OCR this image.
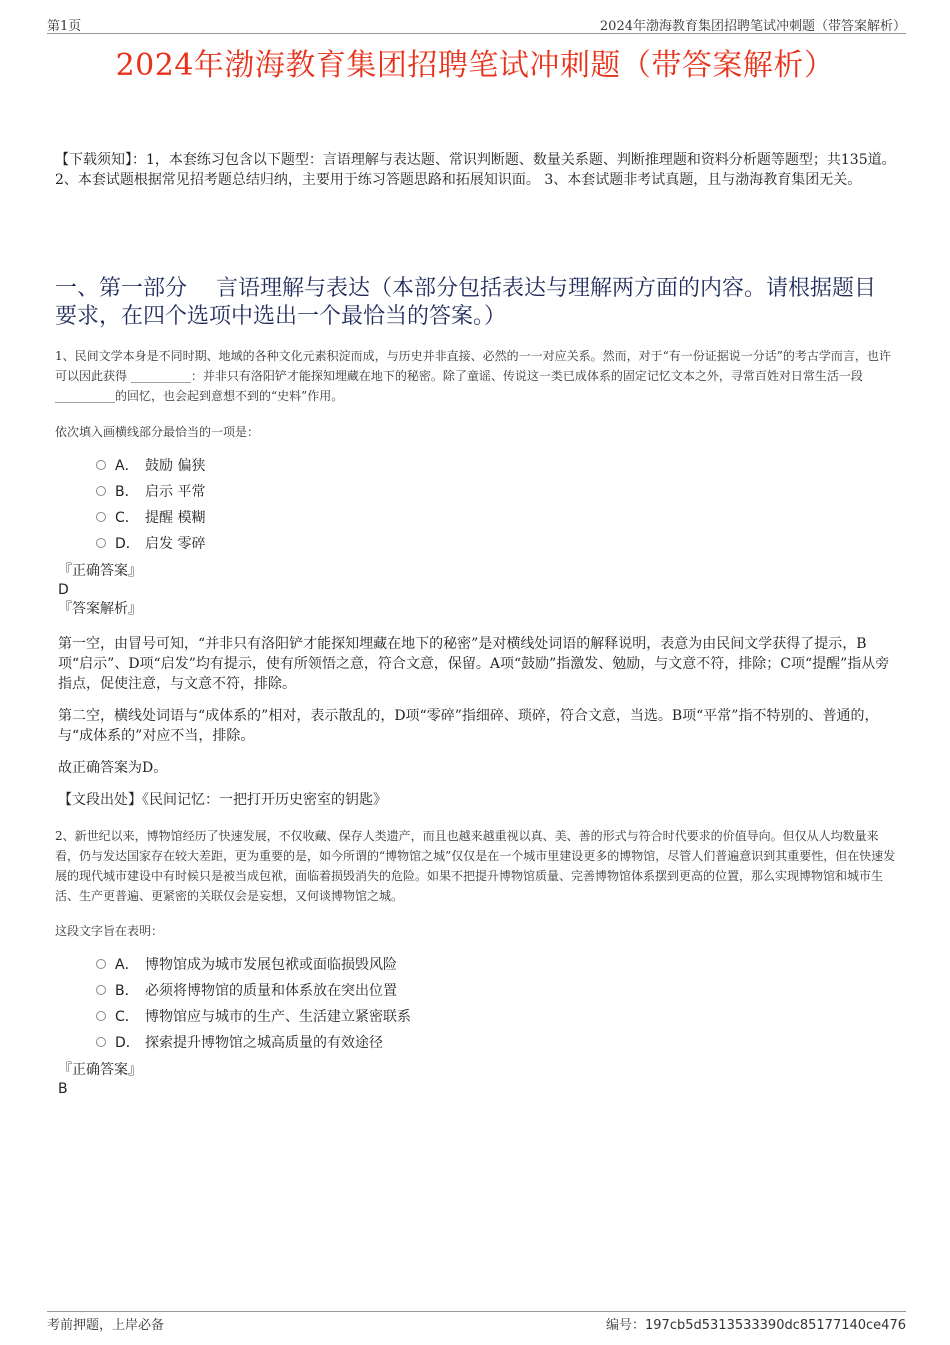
第1页	2024年渤海教育集团招聘笔试冲刺题（带答案解析）
2024年渤海教育集团招聘笔试冲刺题（带答案解析）
【下载须知】：1，本套练习包含以下题型：言语理解与表达题、常识判断题、数量关系题、判断推理题和资料分析题等题型；共135道。 2、本套试题根据常见招考题总结归纳，主要用于练习答题思路和拓展知识面。 3、本套试题非考试真题，且与渤海教育集团无关。
一、第一部分　 言语理解与表达（本部分包括表达与理解两方面的内容。请根据题目要求，在四个选项中选出一个最恰当的答案。）
1、民间文学本身是不同时期、地域的各种文化元素积淀而成，与历史并非直接、必然的一一对应关系。然而，对于“有一份证据说一分话”的考古学而言，也许可以因此获得 __________：并非只有洛阳铲才能探知埋藏在地下的秘密。除了童谣、传说这一类已成体系的固定记忆文本之外，寻常百姓对日常生活一段 __________的回忆，也会起到意想不到的“史料”作用。
依次填入画横线部分最恰当的一项是：
A． 鼓励 偏狭
B． 启示 平常
C． 提醒 模糊
D． 启发 零碎
『正确答案』
D
『答案解析』

第一空，由冒号可知，“并非只有洛阳铲才能探知埋藏在地下的秘密”是对横线处词语的解释说明，表意为由民间文学获得了提示，B项“启示”、D项“启发”均有提示，使有所领悟之意，符合文意，保留。A项“鼓励”指激发、勉励，与文意不符，排除；C项“提醒”指从旁指点，促使注意，与文意不符，排除。

第二空，横线处词语与“成体系的”相对，表示散乱的，D项“零碎”指细碎、琐碎，符合文意，当选。B项“平常”指不特别的、普通的，与“成体系的”对应不当，排除。

故正确答案为D。

【文段出处】《民间记忆：一把打开历史密室的钥匙》

2、新世纪以来，博物馆经历了快速发展，不仅收藏、保存人类遗产，而且也越来越重视以真、美、善的形式与符合时代要求的价值导向。但仅从人均数量来看，仍与发达国家存在较大差距，更为重要的是，如今所谓的“博物馆之城”仅仅是在一个城市里建设更多的博物馆，尽管人们普遍意识到其重要性，但在快速发展的现代城市建设中有时候只是被当成包袱，面临着损毁消失的危险。如果不把提升博物馆质量、完善博物馆体系摆到更高的位置，那么实现博物馆和城市生活、生产更普遍、更紧密的关联仅会是妄想，又何谈博物馆之城。
这段文字旨在表明：
A． 博物馆成为城市发展包袱或面临损毁风险
B． 必须将博物馆的质量和体系放在突出位置
C． 博物馆应与城市的生产、生活建立紧密联系
D． 探索提升博物馆之城高质量的有效途径
『正确答案』
B
考前押题，上岸必备	编号：197cb5d5313533390dc85177140ce476
